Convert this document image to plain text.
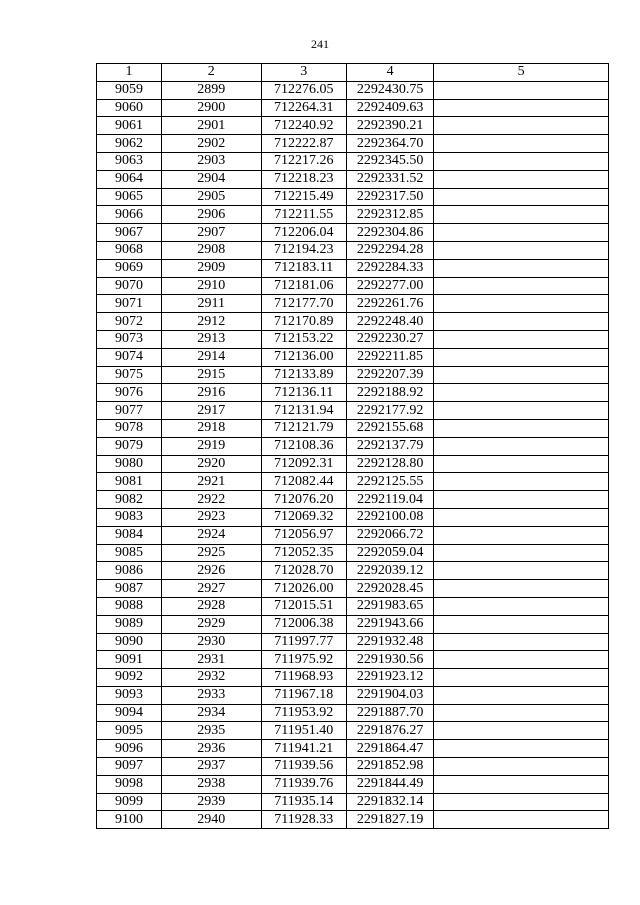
241
1	2	3	4	5
9059	2899	712276.05	2292430.75	
9060	2900	712264.31	2292409.63	
9061	2901	712240.92	2292390.21	
9062	2902	712222.87	2292364.70	
9063	2903	712217.26	2292345.50	
9064	2904	712218.23	2292331.52	
9065	2905	712215.49	2292317.50	
9066	2906	712211.55	2292312.85	
9067	2907	712206.04	2292304.86	
9068	2908	712194.23	2292294.28	
9069	2909	712183.11	2292284.33	
9070	2910	712181.06	2292277.00	
9071	2911	712177.70	2292261.76	
9072	2912	712170.89	2292248.40	
9073	2913	712153.22	2292230.27	
9074	2914	712136.00	2292211.85	
9075	2915	712133.89	2292207.39	
9076	2916	712136.11	2292188.92	
9077	2917	712131.94	2292177.92	
9078	2918	712121.79	2292155.68	
9079	2919	712108.36	2292137.79	
9080	2920	712092.31	2292128.80	
9081	2921	712082.44	2292125.55	
9082	2922	712076.20	2292119.04	
9083	2923	712069.32	2292100.08	
9084	2924	712056.97	2292066.72	
9085	2925	712052.35	2292059.04	
9086	2926	712028.70	2292039.12	
9087	2927	712026.00	2292028.45	
9088	2928	712015.51	2291983.65	
9089	2929	712006.38	2291943.66	
9090	2930	711997.77	2291932.48	
9091	2931	711975.92	2291930.56	
9092	2932	711968.93	2291923.12	
9093	2933	711967.18	2291904.03	
9094	2934	711953.92	2291887.70	
9095	2935	711951.40	2291876.27	
9096	2936	711941.21	2291864.47	
9097	2937	711939.56	2291852.98	
9098	2938	711939.76	2291844.49	
9099	2939	711935.14	2291832.14	
9100	2940	711928.33	2291827.19	
